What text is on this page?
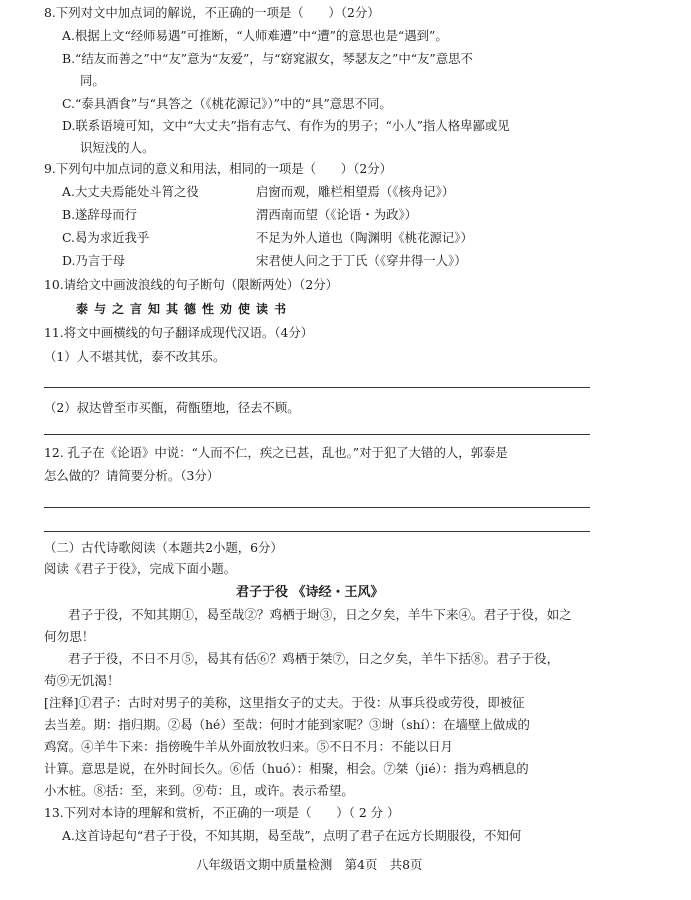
8.下列对文中加点词的解说，不正确的一项是（　　）（2分）
A.根据上文“经师易遇”可推断，“人师难遭”中“遭”的意思也是“遇到”。
B.“结友而善之”中“友”意为“友爱”，与“窈窕淑女，琴瑟友之”中“友”意思不
同。
C.“泰具酒食”与“具答之（《桃花源记》）”中的“具”意思不同。
D.联系语境可知，文中“大丈夫”指有志气、有作为的男子；“小人”指人格卑鄙或见
识短浅的人。
9.下列句中加点词的意义和用法，相同的一项是（　　）（2分）
A.大丈夫焉能处斗筲之役	启窗而观，雕栏相望焉（《核舟记》）
B.遂辞母而行	渭西南而望（《论语・为政》）
C.曷为求近我乎	不足为外人道也（陶渊明《桃花源记》）
D.乃言于母	宋君使人问之于丁氏（《穿井得一人》）
10.请给文中画波浪线的句子断句（限断两处）（2分）
泰与之言知其德性劝使读书
11.将文中画横线的句子翻译成现代汉语。（4分）
（1）人不堪其忧，泰不改其乐。
（2）叔达曾至市买甑，荷甑堕地，径去不顾。
12. 孔子在《论语》中说：“人而不仁，疾之已甚，乱也。”对于犯了大错的人，郭泰是
怎么做的？请简要分析。（3分）
（二）古代诗歌阅读（本题共2小题，6分）
阅读《君子于役》，完成下面小题。
君子于役 《诗经・王风》
君子于役，不知其期①，曷至哉②？鸡栖于埘③，日之夕矣，羊牛下来④。君子于役，如之
何勿思！
君子于役，不日不月⑤，曷其有佸⑥？鸡栖于桀⑦，日之夕矣，羊牛下括⑧。君子于役，
苟⑨无饥渴！
[注释]①君子：古时对男子的美称，这里指女子的丈夫。于役：从事兵役或劳役，即被征
去当差。期：指归期。②曷（hé）至哉：何时才能到家呢？③埘（shí）：在墙壁上做成的
鸡窝。④羊牛下来：指傍晚牛羊从外面放牧归来。⑤不日不月：不能以日月
计算。意思是说，在外时间长久。⑥佸（huó）：相聚，相会。⑦桀（jié）：指为鸡栖息的
小木桩。⑧括：至，来到。⑨苟：且，或许。表示希望。
13.下列对本诗的理解和赏析，不正确的一项是（　　）（ 2 分 ）
A.这首诗起句“君子于役，不知其期，曷至哉”，点明了君子在远方长期服役，不知何
八年级语文期中质量检测　第4页　共8页
